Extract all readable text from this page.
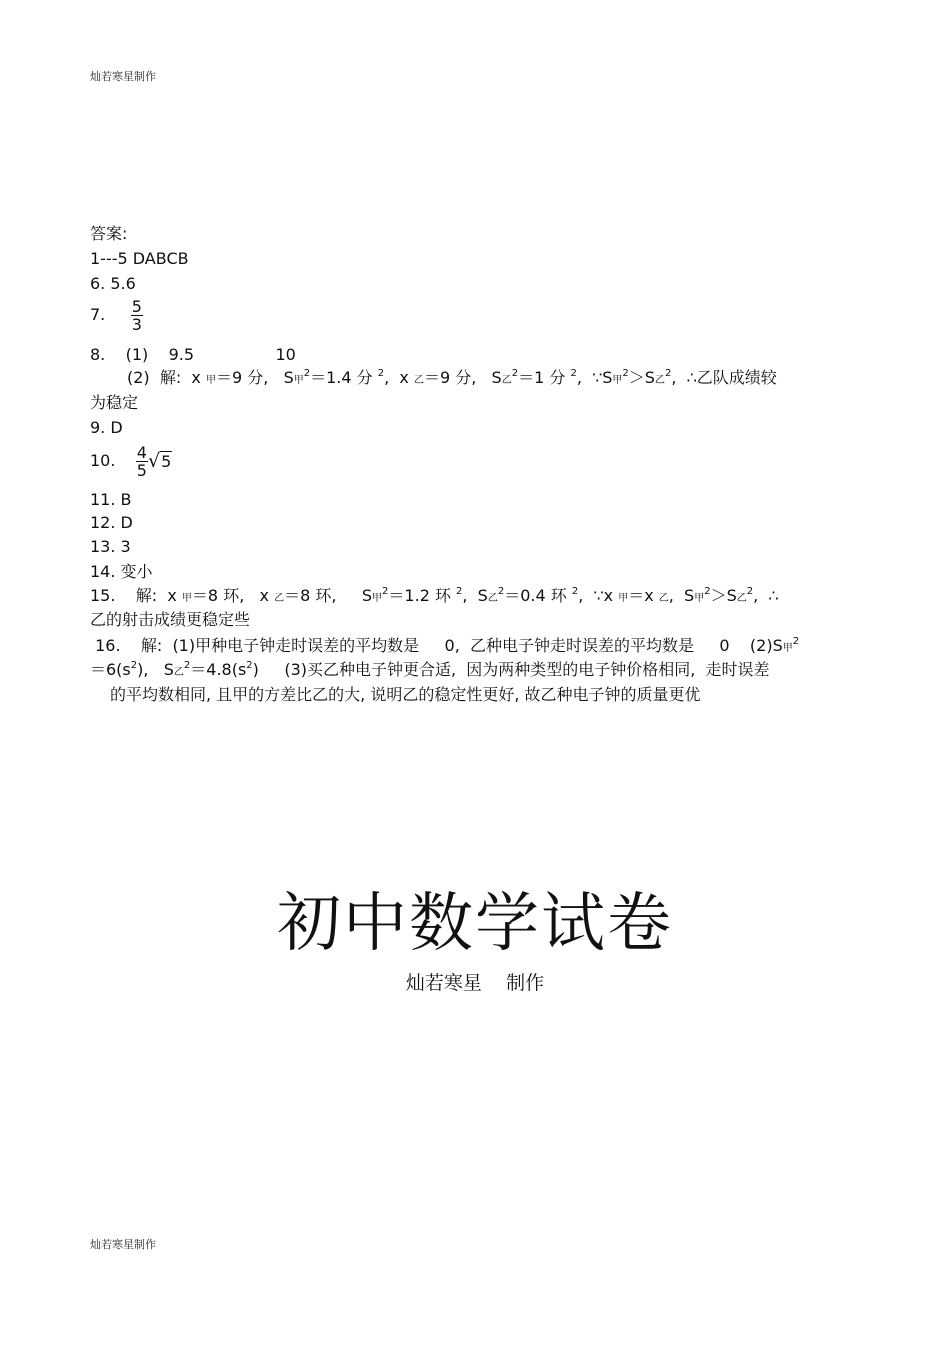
灿若寒星制作
答案:
1---5 DABCB
6. 5.6
7. $\frac{5}{3}$
8.    (1)    9.5                10
(2)  解:  x 甲＝9 分,   S甲$^2$＝1.4 分 $^2$,  x 乙＝9 分,   S乙$^2$＝1 分 $^2$,  ∵S甲$^2$＞S乙$^2$,  ∴乙队成绩较
为稳定
9. D
10. $\frac{4}{5} √5$
11. B
12. D
13. 3
14. 变小
15.    解:  x 甲＝8 环,   x 乙＝8 环,     S甲$^2$＝1.2 环 $^2$,  S乙$^2$＝0.4 环 $^2$,  ∵x 甲＝x 乙,  S甲$^2$＞S乙$^2$,  ∴
乙的射击成绩更稳定些
16.    解:  (1)甲种电子钟走时误差的平均数是     0,  乙种电子钟走时误差的平均数是     0    (2)S甲$^2$
$=6(s^2)$,   S乙$^2=4.8(s^2)$     (3)买乙种电子钟更合适,  因为两种类型的电子钟价格相同,  走时误差
的平均数相同, 且甲的方差比乙的大, 说明乙的稳定性更好, 故乙种电子钟的质量更优
初中数学试卷
灿若寒星    制作
灿若寒星制作
